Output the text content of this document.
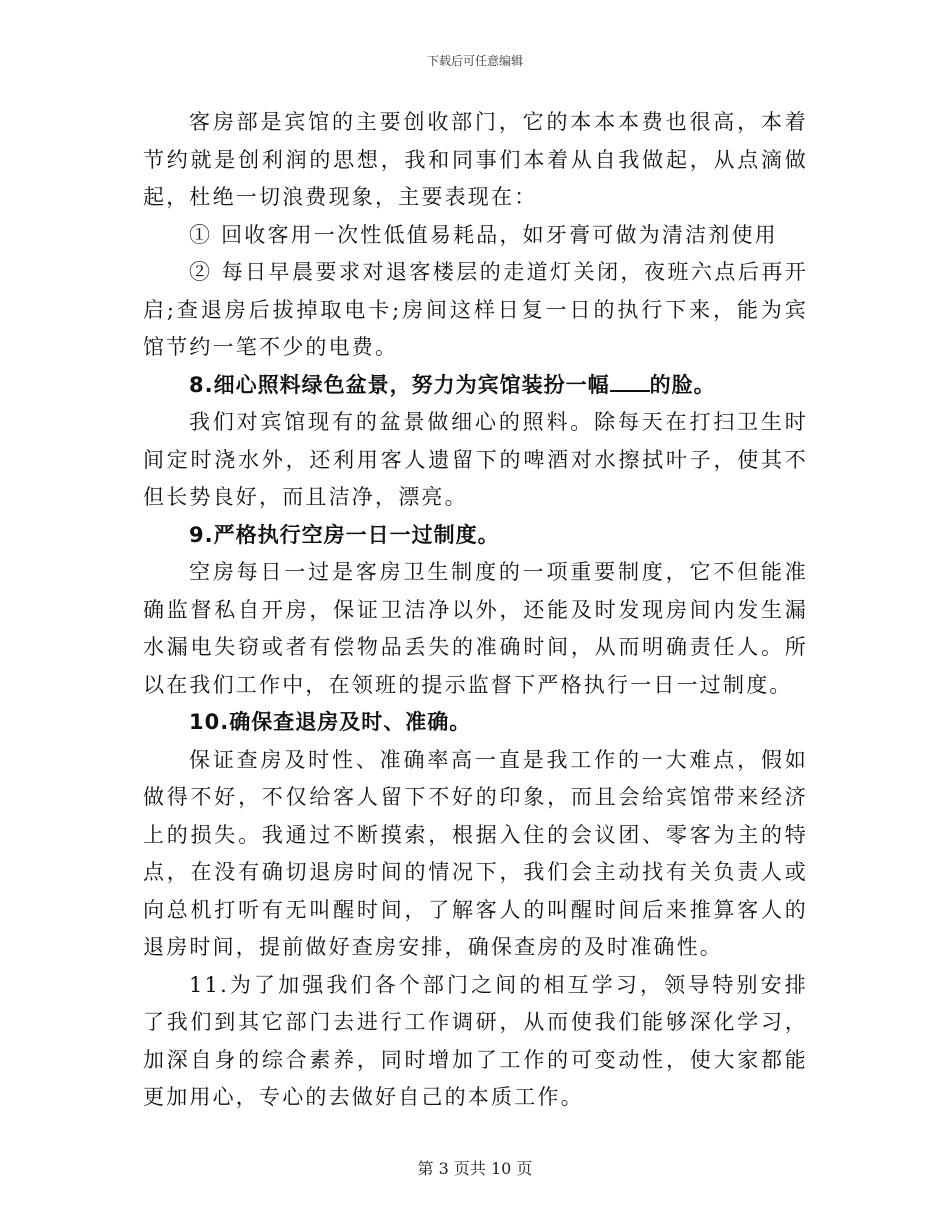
下载后可任意编辑

客房部是宾馆的主要创收部门，它的本本本费也很高，本着节约就是创利润的思想，我和同事们本着从自我做起，从点滴做起，杜绝一切浪费现象，主要表现在：

① 回收客用一次性低值易耗品，如牙膏可做为清洁剂使用

② 每日早晨要求对退客楼层的走道灯关闭，夜班六点后再开启;查退房后拔掉取电卡;房间这样日复一日的执行下来，能为宾馆节约一笔不少的电费。

8.细心照料绿色盆景，努力为宾馆装扮一幅 的脸。

我们对宾馆现有的盆景做细心的照料。除每天在打扫卫生时间定时浇水外，还利用客人遗留下的啤酒对水擦拭叶子，使其不但长势良好，而且洁净，漂亮。

9.严格执行空房一日一过制度。

空房每日一过是客房卫生制度的一项重要制度，它不但能准确监督私自开房，保证卫洁净以外，还能及时发现房间内发生漏水漏电失窃或者有偿物品丢失的准确时间，从而明确责任人。所以在我们工作中，在领班的提示监督下严格执行一日一过制度。

10.确保查退房及时、准确。

保证查房及时性、准确率高一直是我工作的一大难点，假如做得不好，不仅给客人留下不好的印象，而且会给宾馆带来经济上的损失。我通过不断摸索，根据入住的会议团、零客为主的特点，在没有确切退房时间的情况下，我们会主动找有关负责人或向总机打听有无叫醒时间，了解客人的叫醒时间后来推算客人的退房时间，提前做好查房安排，确保查房的及时准确性。

11.为了加强我们各个部门之间的相互学习，领导特别安排了我们到其它部门去进行工作调研，从而使我们能够深化学习，加深自身的综合素养，同时增加了工作的可变动性，使大家都能更加用心，专心的去做好自己的本质工作。

第 3 页共 10 页
